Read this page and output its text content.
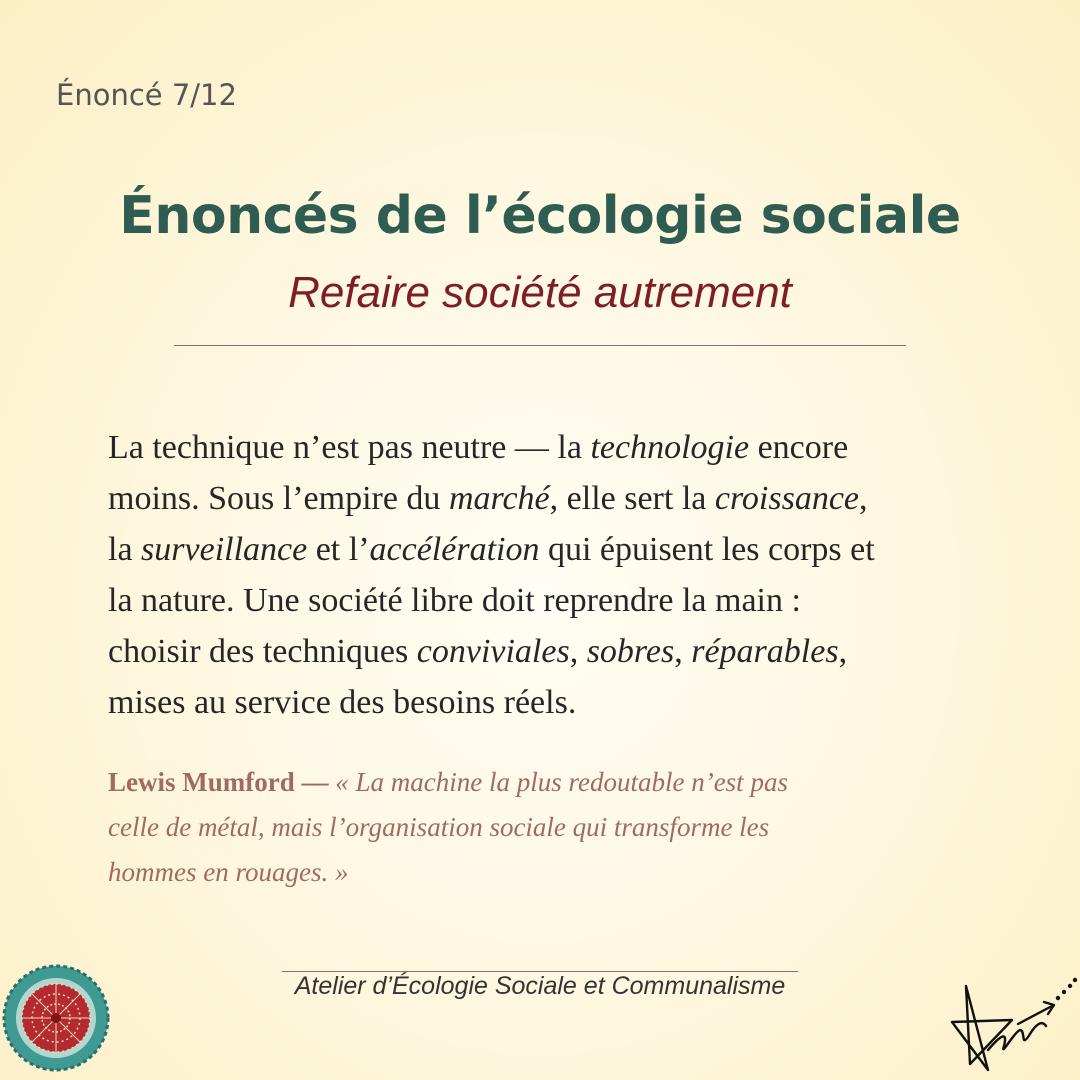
Énoncé 7/12
Énoncés de l’écologie sociale
Refaire société autrement
La technique n’est pas neutre — la technologie encore
moins. Sous l’empire du marché, elle sert la croissance,
la surveillance et l’accélération qui épuisent les corps et
la nature. Une société libre doit reprendre la main :
choisir des techniques conviviales, sobres, réparables,
mises au service des besoins réels.
Lewis Mumford — « La machine la plus redoutable n’est pas
celle de métal, mais l’organisation sociale qui transforme les
hommes en rouages. »
Atelier d’Écologie Sociale et Communalisme
